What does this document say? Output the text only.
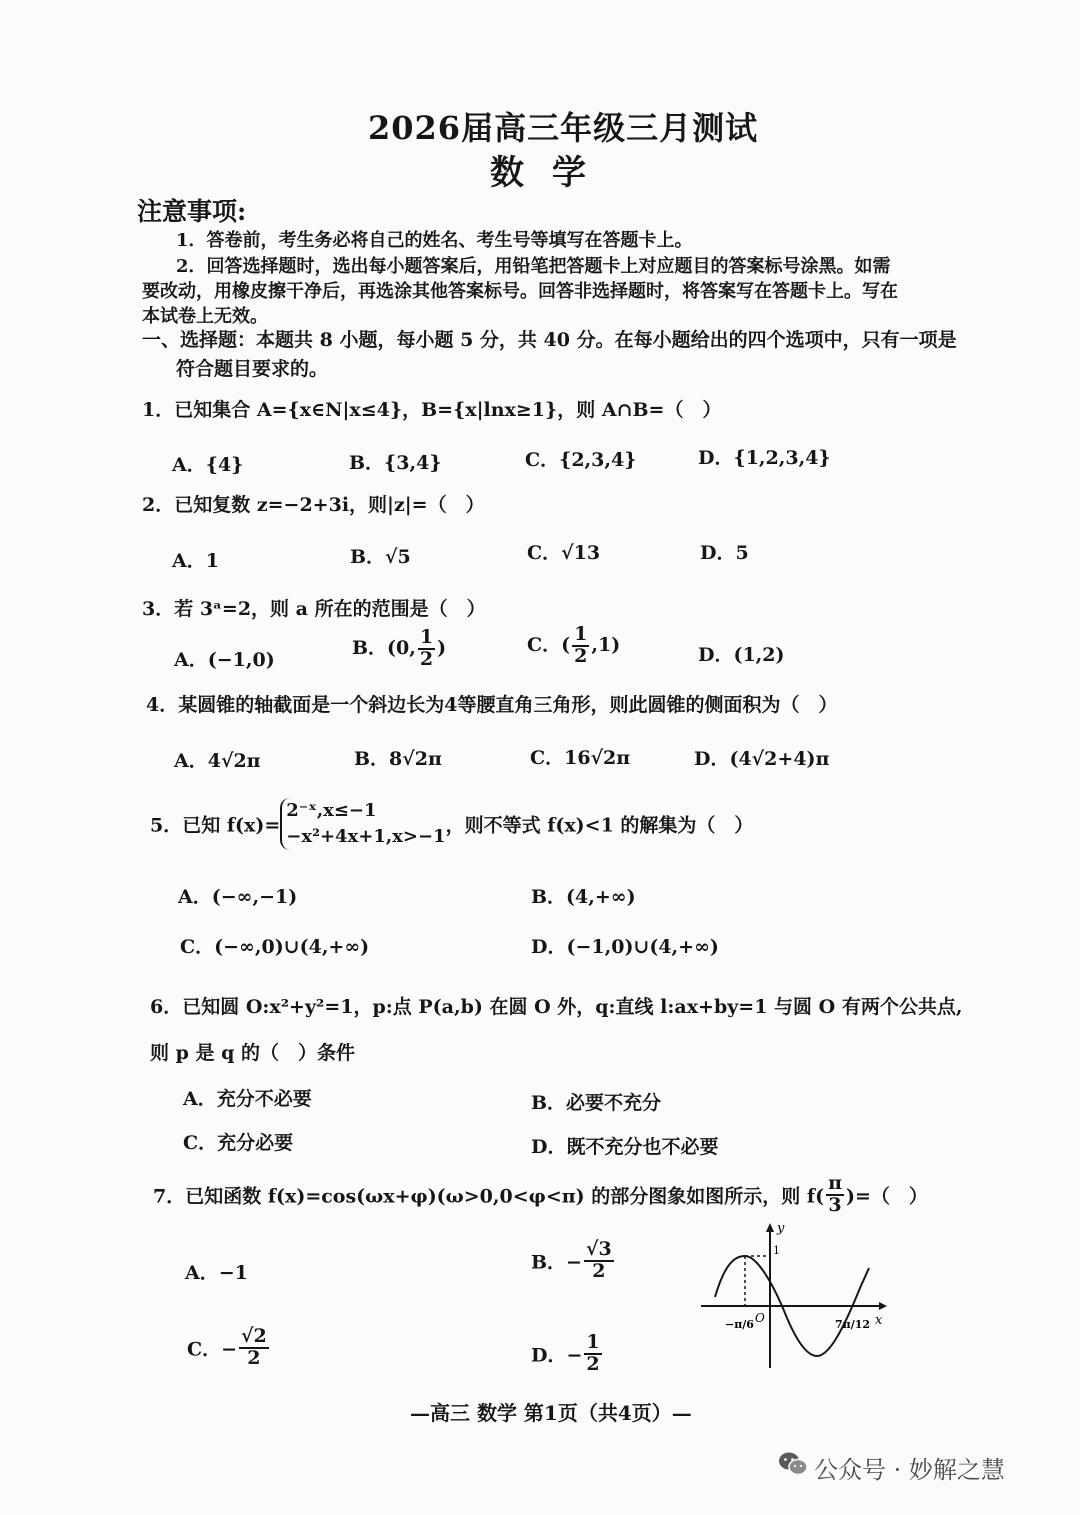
2026届高三年级三月测试
数学
注意事项:
1．答卷前，考生务必将自己的姓名、考生号等填写在答题卡上。
2．回答选择题时，选出每小题答案后，用铅笔把答题卡上对应题目的答案标号涂黑。如需
要改动，用橡皮擦干净后，再选涂其他答案标号。回答非选择题时，将答案写在答题卡上。写在
本试卷上无效。
一、选择题：本题共 8 小题，每小题 5 分，共 40 分。在每小题给出的四个选项中，只有一项是
符合题目要求的。
1．已知集合 A={x∈N|x≤4}，B={x|lnx≥1}，则 A∩B=（　）
A．{4}	B．{3,4}	C．{2,3,4}	D．{1,2,3,4}
2．已知复数 z=−2+3i，则|z|=（　）
A．1	B．√5	C．√13	D．5
3．若 3ᵃ=2，则 a 所在的范围是（　）
A．(−1,0)
B．(0, $\frac{1}{2}$ )	C．( $\frac{1}{2} ,1$)	D．(1,2)
4．某圆锥的轴截面是一个斜边长为4等腰直角三角形，则此圆锥的侧面积为（　）
A．4√2π	B．8√2π	C．16√2π	D．(4√2+4)π
5．已知 f(x)=
2⁻ˣ,x≤−1
−x²+4x+1,x>−1 ，则不等式 f(x)<1 的解集为（　）
A．(−∞,−1)	B．(4,+∞)
C．(−∞,0)∪(4,+∞)	D．(−1,0)∪(4,+∞)
6．已知圆 O:x²+y²=1，p:点 P(a,b) 在圆 O 外，q:直线 l:ax+by=1 与圆 O 有两个公共点,
则 p 是 q 的（　）条件
A．充分不必要	B．必要不充分
C．充分必要	D．既不充分也不必要
7．已知函数 f(x)=cos(ωx+φ)(ω>0,0<φ<π) 的部分图象如图所示，则 $f( \frac{\pi}{3}$ )=（　）
A．−1	B．− $\frac{√3}{2}$
C．− $\frac{√2}{2}$	D．− $\frac{1}{2}$
y
x
O
1
−π/6	7π/12
—高三 数学 第1页（共4页）—
公众号 · 妙解之慧
